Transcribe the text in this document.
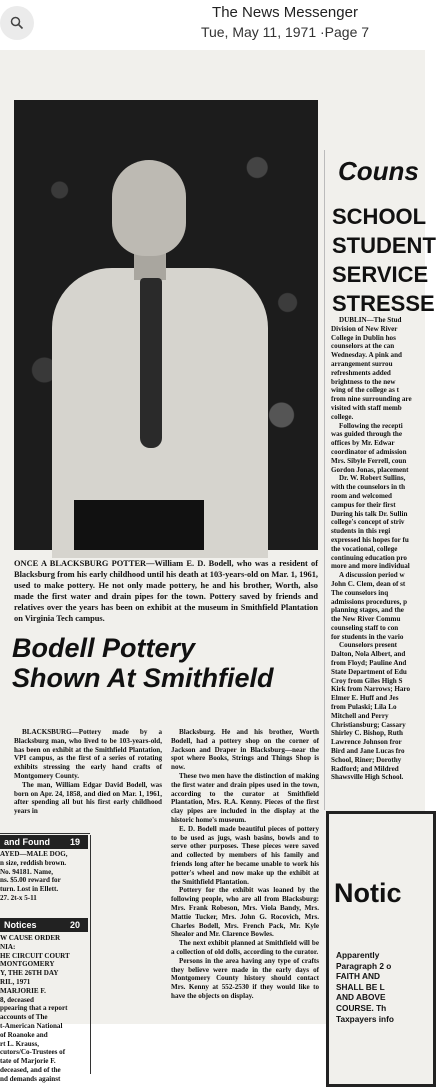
The News Messenger
Tue, May 11, 1971 ·Page 7
ONCE A BLACKSBURG POTTER—William E. D. Bodell, who was a resident of Blacksburg from his early childhood until his death at 103-years-old on Mar. 1, 1961, used to make pottery. He not only made pottery, he and his brother, Worth, also made the first water and drain pipes for the town. Pottery saved by friends and relatives over the years has been on exhibit at the museum in Smithfield Plantation on Virginia Tech campus.
Bodell Pottery
Shown At Smithfield

BLACKSBURG—Pottery made by a Blacksburg man, who lived to be 103-years-old, has been on exhibit at the Smithfield Plantation, VPI campus, as the first of a series of rotating exhibits stressing the early hand crafts of Montgomery County.

The man, William Edgar David Bodell, was born on Apr. 24, 1858, and died on Mar. 1, 1961, after spending all but his first early childhood years in

Blacksburg. He and his brother, Worth Bodell, had a pottery shop on the corner of Jackson and Draper in Blacksburg—near the spot where Books, Strings and Things Shop is now.

These two men have the distinction of making the first water and drain pipes used in the town, according to the curator at Smithfield Plantation, Mrs. R.A. Kenny. Pieces of the first clay pipes are included in the display at the historic home's museum.

E. D. Bodell made beautiful pieces of pottery to be used as jugs, wash basins, bowls and to serve other purposes. These pieces were saved and collected by members of his family and friends long after he became unable to work his potter's wheel and now make up the exhibit at the Smithfield Plantation.

Pottery for the exhibit was loaned by the following people, who are all from Blacksburg: Mrs. Frank Robeson, Mrs. Viola Bandy, Mrs. Mattie Tucker, Mrs. John G. Rocovich, Mrs. Charles Bodell, Mrs. French Pack, Mr. Kyle Shealor and Mr. Clarence Bowles.

The next exhibit planned at Smithfield will be a collection of old dolls, according to the curator.

Persons in the area having any type of crafts they believe were made in the early days of Montgomery County history should contact Mrs. Kenny at 552-2530 if they would like to have the objects on display.

and Found	19
AYED—MALE DOG,
n size, reddish brown.
No. 94181. Name,
ns. $5.00 reward for
turn. Lost in Ellett.
27. 2t-x 5-11
Notices	20
W CAUSE ORDER
NIA:
HE CIRCUIT COURT
MONTGOMERY
Y, THE 26TH DAY
RIL, 1971
MARJORIE F.
8, deceased
ppearing that a report
accounts of The
t-American National
of Roanoke and
rt L. Krauss,
cutors/Co-Trustees of
tate of Marjorie F.
deceased, and of the
nd demands against
Couns
SCHOOL
STUDENT
SERVICE
STRESSE

DUBLIN—The Stud

Division of New River
College in Dublin hos
counselors at the can
Wednesday. A pink and
arrangement surrou
refreshments added
brightness to the new
wing of the college as t
from nine surrounding are
visited with staff memb
college.

Following the recepti

was guided through the
offices by Mr. Edwar
coordinator of admission
Mrs. Sibyle Ferrell, coun
Gordon Jonas, placement

Dr. W. Robert Sullins,

with the counselors in th
room and welcomed
campus for their first
During his talk Dr. Sullin
college's concept of striv
students in this regi
expressed his hopes for fu
the vocational, college
continuing education pro
more and more individual

A discussion period w

John C. Clem, dean of st
The counselors inq
admissions procedures, p
planning stages, and the
the New River Commu
counseling staff to con
for students in the vario

Counselors present

Dalton, Nola Albert, and
from Floyd; Pauline And
State Department of Edu
Croy from Giles High S
Kirk from Narrows; Haro
Elmer E. Huff and Jes
from Pulaski; Lila Lo
Mitchell and Perry
Christiansburg; Cassary
Shirley C. Bishop, Ruth
Lawrence Johnson fror
Bird and Jane Lucas fro
School, Riner; Dorothy
Radford; and Mildred
Shawsville High School.
Notic
Apparently
Paragraph 2 o
FAITH AND
SHALL BE L
AND ABOVE
COURSE. Th
Taxpayers info
